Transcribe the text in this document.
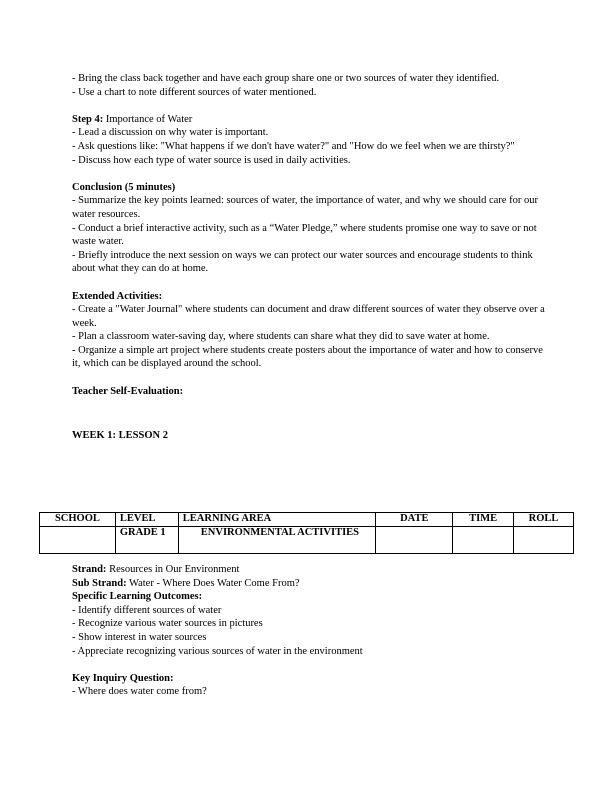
- Bring the class back together and have each group share one or two sources of water they identified.
- Use a chart to note different sources of water mentioned.
Step 4: Importance of Water
- Lead a discussion on why water is important.
- Ask questions like: "What happens if we don't have water?" and "How do we feel when we are thirsty?"
- Discuss how each type of water source is used in daily activities.
Conclusion (5 minutes)
- Summarize the key points learned: sources of water, the importance of water, and why we should care for our water resources.
- Conduct a brief interactive activity, such as a “Water Pledge,” where students promise one way to save or not waste water.
- Briefly introduce the next session on ways we can protect our water sources and encourage students to think about what they can do at home.
Extended Activities:
- Create a "Water Journal" where students can document and draw different sources of water they observe over a week.
- Plan a classroom water-saving day, where students can share what they did to save water at home.
- Organize a simple art project where students create posters about the importance of water and how to conserve it, which can be displayed around the school.
Teacher Self-Evaluation:
WEEK 1: LESSON 2
SCHOOL	LEVEL	LEARNING AREA	DATE	TIME	ROLL
	GRADE 1	ENVIRONMENTAL ACTIVITIES			
Strand: Resources in Our Environment
Sub Strand: Water - Where Does Water Come From?
Specific Learning Outcomes:
- Identify different sources of water
- Recognize various water sources in pictures
- Show interest in water sources
- Appreciate recognizing various sources of water in the environment
Key Inquiry Question:
- Where does water come from?
